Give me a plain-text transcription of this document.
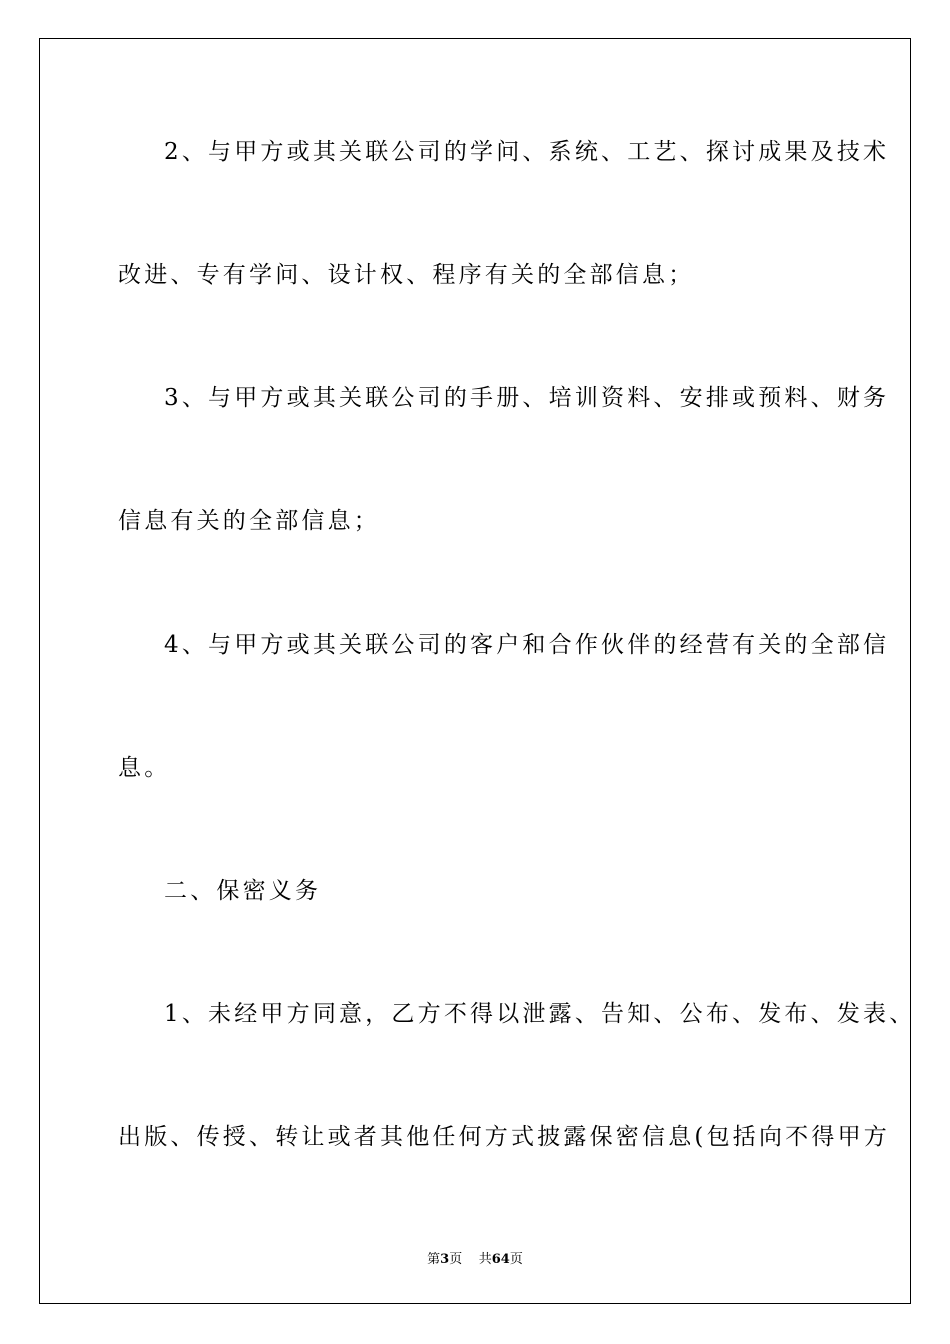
2、与甲方或其关联公司的学问、系统、工艺、探讨成果及技术
改进、专有学问、设计权、程序有关的全部信息；
3、与甲方或其关联公司的手册、培训资料、安排或预料、财务
信息有关的全部信息；
4、与甲方或其关联公司的客户和合作伙伴的经营有关的全部信
息。
二、保密义务
1、未经甲方同意，乙方不得以泄露、告知、公布、发布、发表、
出版、传授、转让或者其他任何方式披露保密信息(包括向不得甲方
第3页 共64页
